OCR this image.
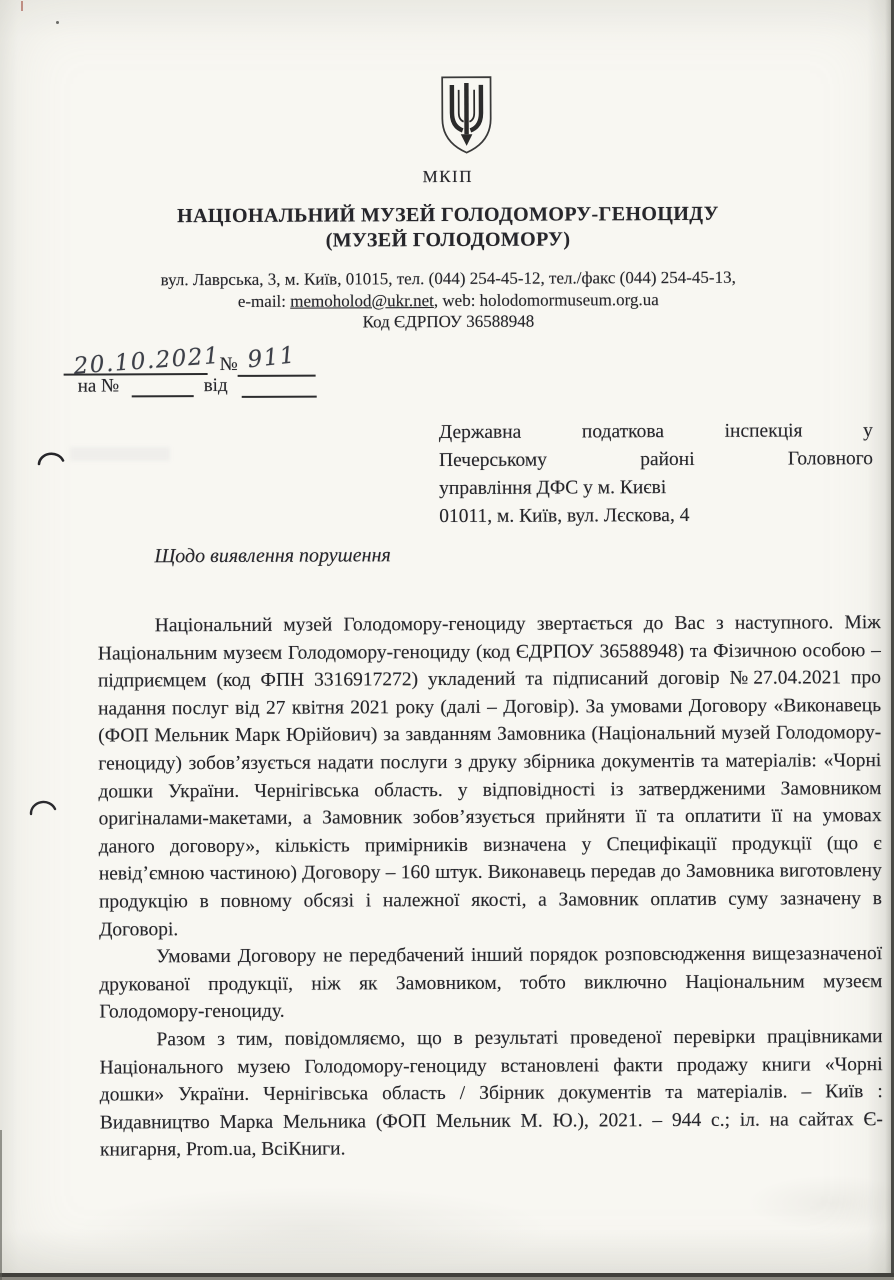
МКІП
НАЦІОНАЛЬНИЙ МУЗЕЙ ГОЛОДОМОРУ-ГЕНОЦИДУ
(МУЗЕЙ ГОЛОДОМОРУ)
вул. Лаврська, 3, м. Київ, 01015, тел. (044) 254-45-12, тел./факс (044) 254-45-13,
e-mail: memoholod@ukr.net, web: holodomormuseum.org.ua
Код ЄДРПОУ 36588948
20.10.2021
№ 911
на №	від
Державна податкова інспекція у
Печерському районі Головного
управління ДФС у м. Києві
01011, м. Київ, вул. Лєскова, 4
Щодо виявлення порушення

Національний музей Голодомору-геноциду звертається до Вас з наступного. Між Національним музеєм Голодомору-геноциду (код ЄДРПОУ 36588948) та Фізичною особою – підприємцем (код ФПН 3316917272) укладений та підписаний договір №27.04.2021 про надання послуг від 27 квітня 2021 року (далі – Договір). За умовами Договору «Виконавець (ФОП Мельник Марк Юрійович) за завданням Замовника (Національний музей Голодомору-геноциду) зобов’язується надати послуги з друку збірника документів та матеріалів: «Чорні дошки України. Чернігівська область. у відповідності із затвердженими Замовником оригіналами-макетами, а Замовник зобов’язується прийняти її та оплатити її на умовах даного договору», кількість примірників визначена у Специфікації продукції (що є невід’ємною частиною) Договору – 160 штук. Виконавець передав до Замовника виготовлену продукцію в повному обсязі і належної якості, а Замовник оплатив суму зазначену в Договорі.

Умовами Договору не передбачений інший порядок розповсюдження вищезазначеної друкованої продукції, ніж як Замовником, тобто виключно Національним музеєм Голодомору-геноциду.

Разом з тим, повідомляємо, що в результаті проведеної перевірки працівниками Національного музею Голодомору-геноциду встановлені факти продажу книги «Чорні дошки» України. Чернігівська область / Збірник документів та матеріалів. – Київ : Видавництво Марка Мельника (ФОП Мельник М. Ю.), 2021. – 944 с.; іл. на сайтах Є-книгарня, Prom.ua, ВсіКниги.
